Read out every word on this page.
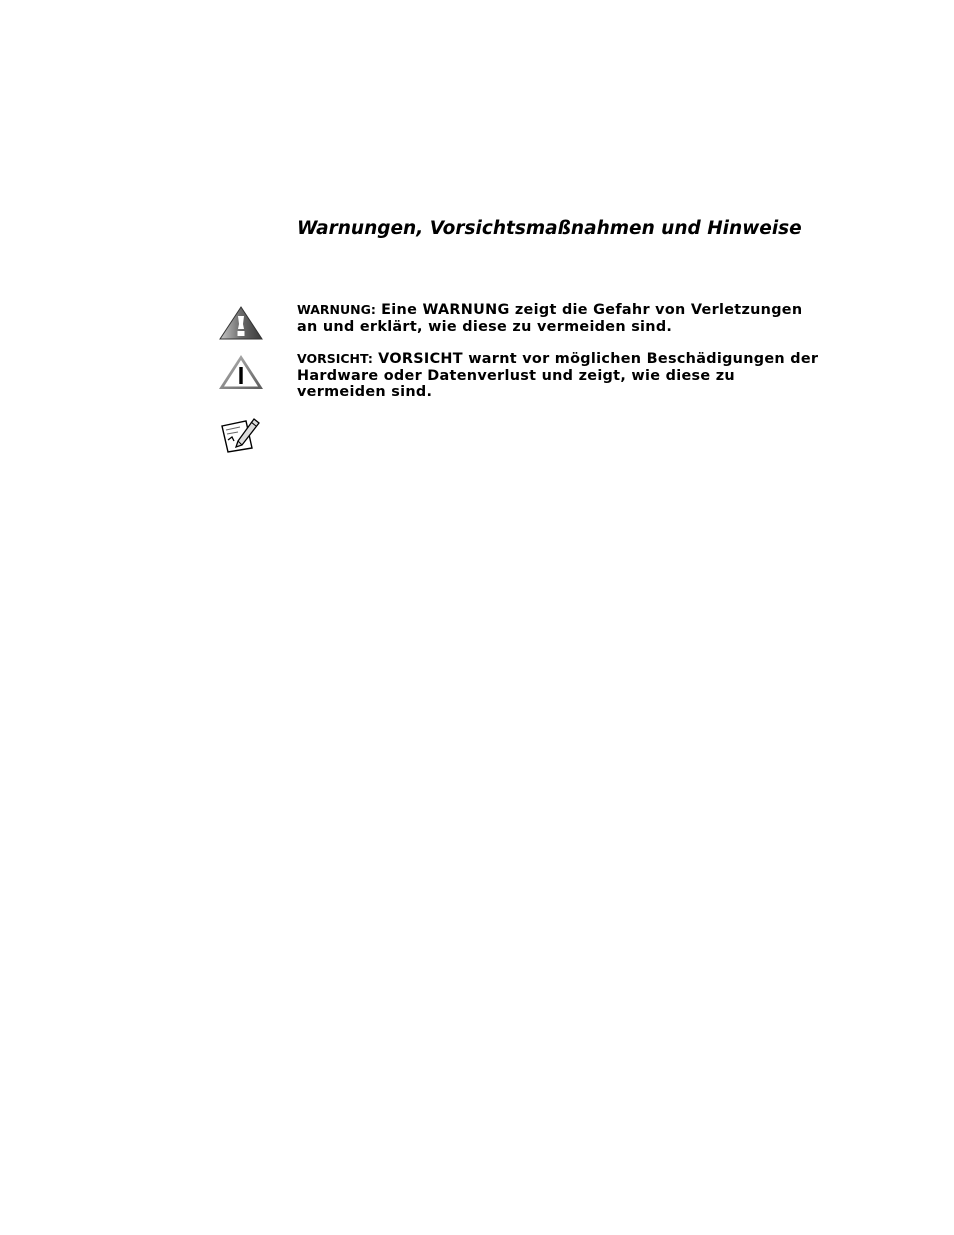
Warnungen, Vorsichtsmaßnahmen und Hinweise
WARNUNG: Eine WARNUNG zeigt die Gefahr von Verletzungen an und erklärt, wie diese zu vermeiden sind.
VORSICHT: VORSICHT warnt vor möglichen Beschädigungen der Hardware oder Datenverlust und zeigt, wie diese zu vermeiden sind.
